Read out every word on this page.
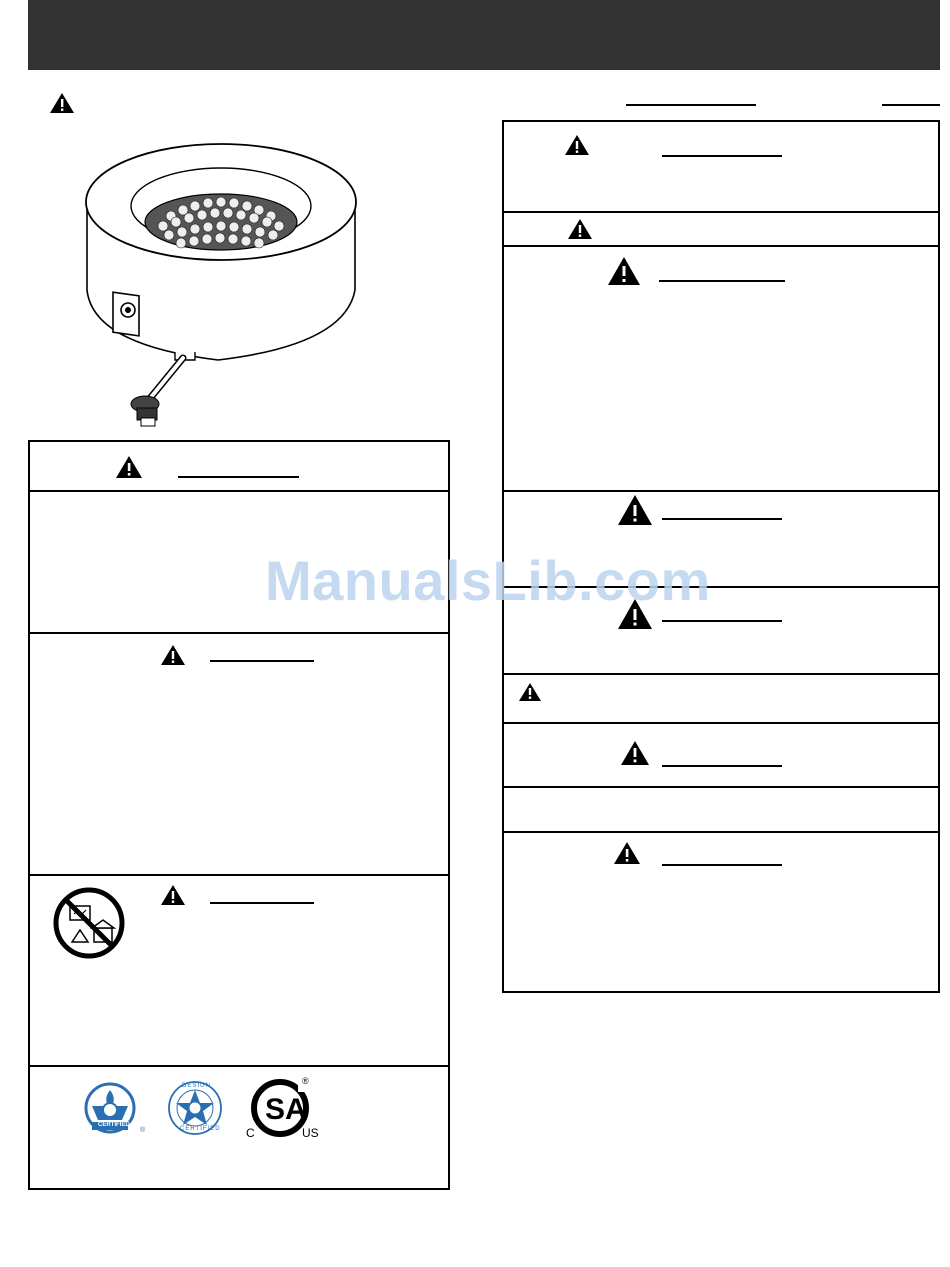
®
CERTIFIED
DESIGN
CERTIFIED
SA
C	US
®
ManualsLib.com
